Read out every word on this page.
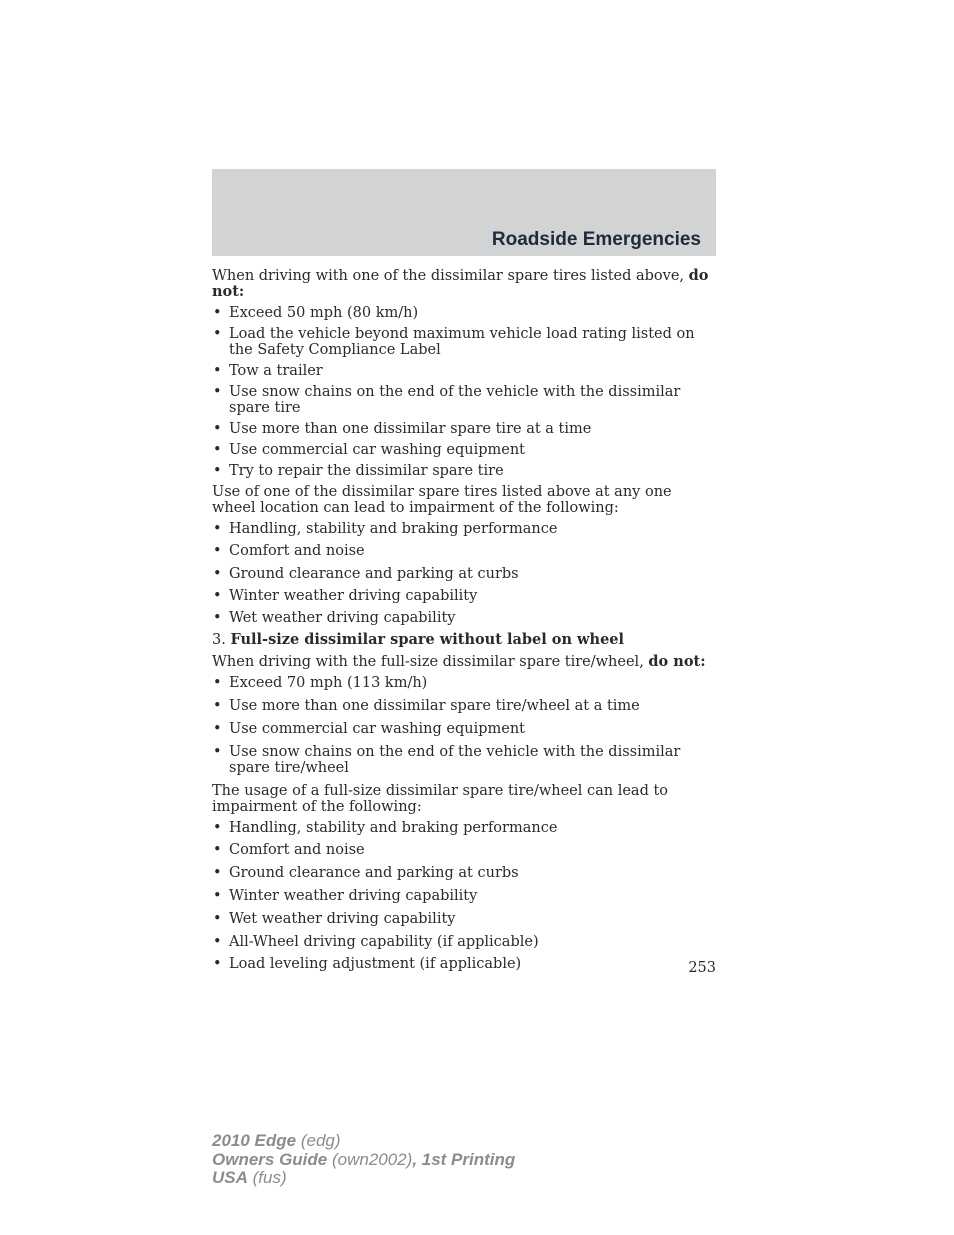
Roadside Emergencies

When driving with one of the dissimilar spare tires listed above, do not:

• Exceed 50 mph (80 km/h)
• Load the vehicle beyond maximum vehicle load rating listed on the Safety Compliance Label
• Tow a trailer
• Use snow chains on the end of the vehicle with the dissimilar spare tire
• Use more than one dissimilar spare tire at a time
• Use commercial car washing equipment
• Try to repair the dissimilar spare tire

Use of one of the dissimilar spare tires listed above at any one wheel location can lead to impairment of the following:

• Handling, stability and braking performance
• Comfort and noise
• Ground clearance and parking at curbs
• Winter weather driving capability
• Wet weather driving capability

3. Full-size dissimilar spare without label on wheel

When driving with the full-size dissimilar spare tire/wheel, do not:

• Exceed 70 mph (113 km/h)
• Use more than one dissimilar spare tire/wheel at a time
• Use commercial car washing equipment
• Use snow chains on the end of the vehicle with the dissimilar spare tire/wheel

The usage of a full-size dissimilar spare tire/wheel can lead to impairment of the following:

• Handling, stability and braking performance
• Comfort and noise
• Ground clearance and parking at curbs
• Winter weather driving capability
• Wet weather driving capability
• All-Wheel driving capability (if applicable)
• Load leveling adjustment (if applicable)	253
2010 Edge (edg)
Owners Guide (own2002), 1st Printing
USA (fus)
